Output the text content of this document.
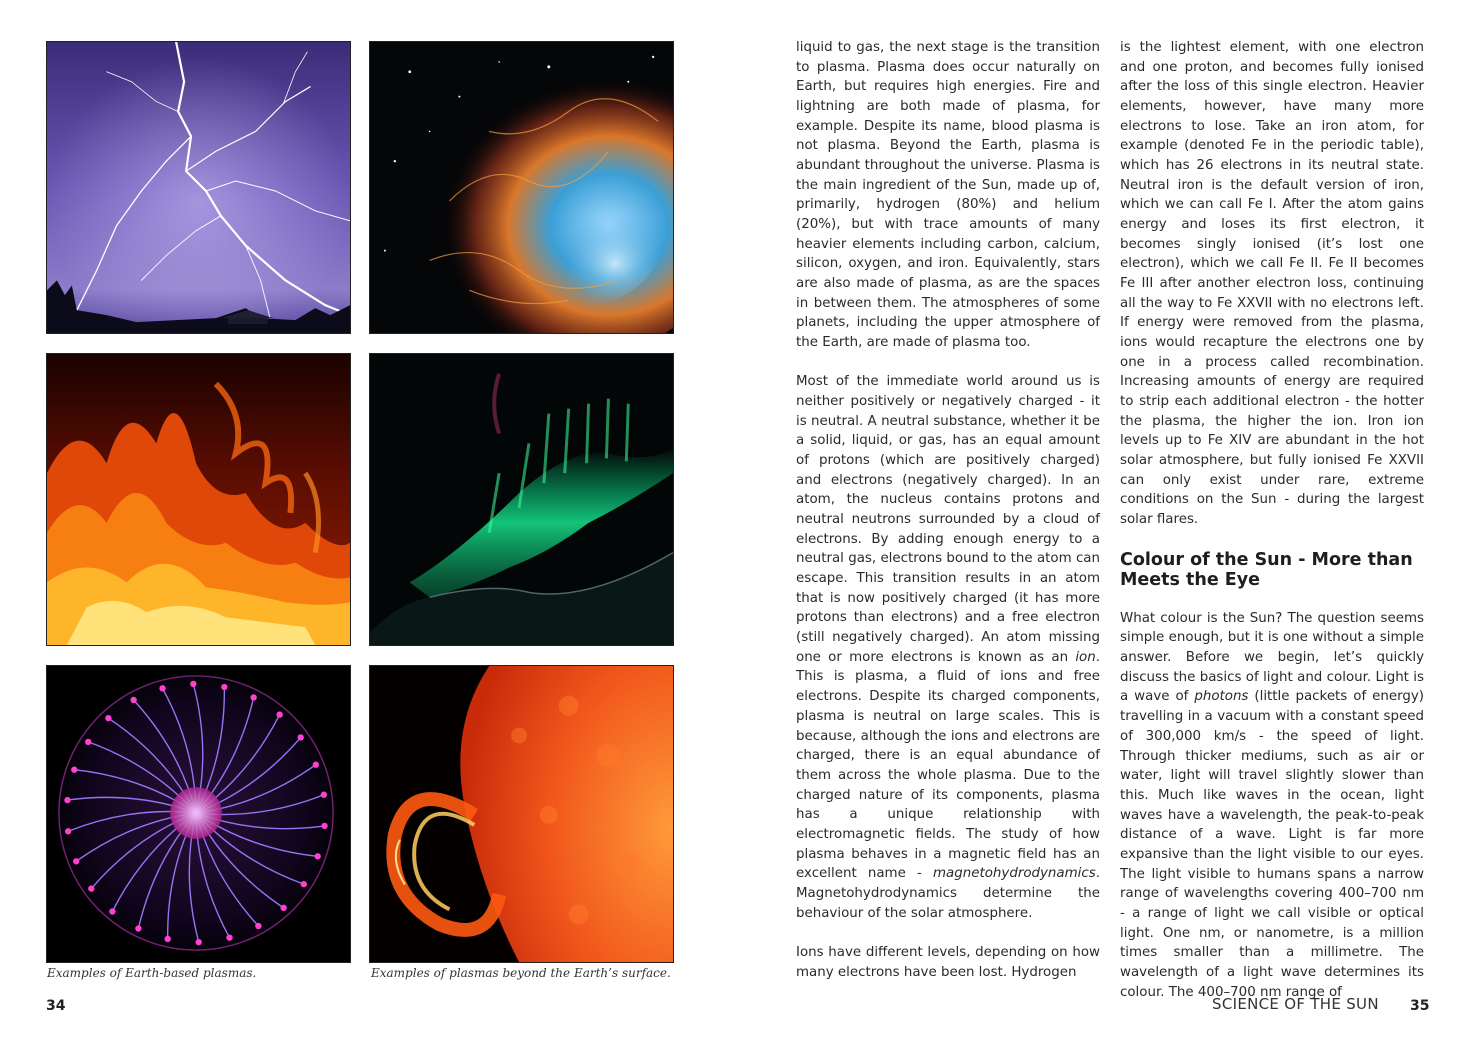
Examples of Earth-based plasmas.	Examples of plasmas beyond the Earth’s surface.
34	SCIENCE OF THE SUN 35

liquid to gas, the next stage is the transition to plasma. Plasma does occur naturally on Earth, but requires high energies. Fire and lightning are both made of plasma, for example. Despite its name, blood plasma is not plasma. Beyond the Earth, plasma is abundant throughout the universe. Plasma is the main ingredient of the Sun, made up of, primarily, hydrogen (80%) and helium (20%), but with trace amounts of many heavier elements including carbon, calcium, silicon, oxygen, and iron. Equivalently, stars are also made of plasma, as are the spaces in between them. The atmospheres of some planets, including the upper atmosphere of the Earth, are made of plasma too.

Most of the immediate world around us is neither positively or negatively charged - it is neutral. A neutral substance, whether it be a solid, liquid, or gas, has an equal amount of protons (which are positively charged) and electrons (negatively charged). In an atom, the nucleus contains protons and neutral neutrons surrounded by a cloud of electrons. By adding enough energy to a neutral gas, electrons bound to the atom can escape. This transition results in an atom that is now positively charged (it has more protons than electrons) and a free electron (still negatively charged). An atom missing one or more electrons is known as an ion. This is plasma, a fluid of ions and free electrons. Despite its charged components, plasma is neutral on large scales. This is because, although the ions and electrons are charged, there is an equal abundance of them across the whole plasma. Due to the charged nature of its components, plasma has a unique relationship with electromagnetic fields. The study of how plasma behaves in a magnetic field has an excellent name - magnetohydrodynamics. Magnetohydrodynamics determine the behaviour of the solar atmosphere.

Ions have different levels, depending on how many electrons have been lost. Hydrogen

is the lightest element, with one electron and one proton, and becomes fully ionised after the loss of this single electron. Heavier elements, however, have many more electrons to lose. Take an iron atom, for example (denoted Fe in the periodic table), which has 26 electrons in its neutral state. Neutral iron is the default version of iron, which we can call Fe I. After the atom gains energy and loses its first electron, it becomes singly ionised (it’s lost one electron), which we call Fe II. Fe II becomes Fe III after another electron loss, continuing all the way to Fe XXVII with no electrons left. If energy were removed from the plasma, ions would recapture the electrons one by one in a process called recombination. Increasing amounts of energy are required to strip each additional electron - the hotter the plasma, the higher the ion. Iron ion levels up to Fe XIV are abundant in the hot solar atmosphere, but fully ionised Fe XXVII can only exist under rare, extreme conditions on the Sun - during the largest solar flares.

Colour of the Sun - More than Meets the Eye

What colour is the Sun? The question seems simple enough, but it is one without a simple answer. Before we begin, let’s quickly discuss the basics of light and colour. Light is a wave of photons (little packets of energy) travelling in a vacuum with a constant speed of 300,000 km/s - the speed of light. Through thicker mediums, such as air or water, light will travel slightly slower than this. Much like waves in the ocean, light waves have a wavelength, the peak-to-peak distance of a wave. Light is far more expansive than the light visible to our eyes. The light visible to humans spans a narrow range of wavelengths covering 400–700 nm - a range of light we call visible or optical light. One nm, or nanometre, is a million times smaller than a millimetre. The wavelength of a light wave determines its colour. The 400–700 nm range of
